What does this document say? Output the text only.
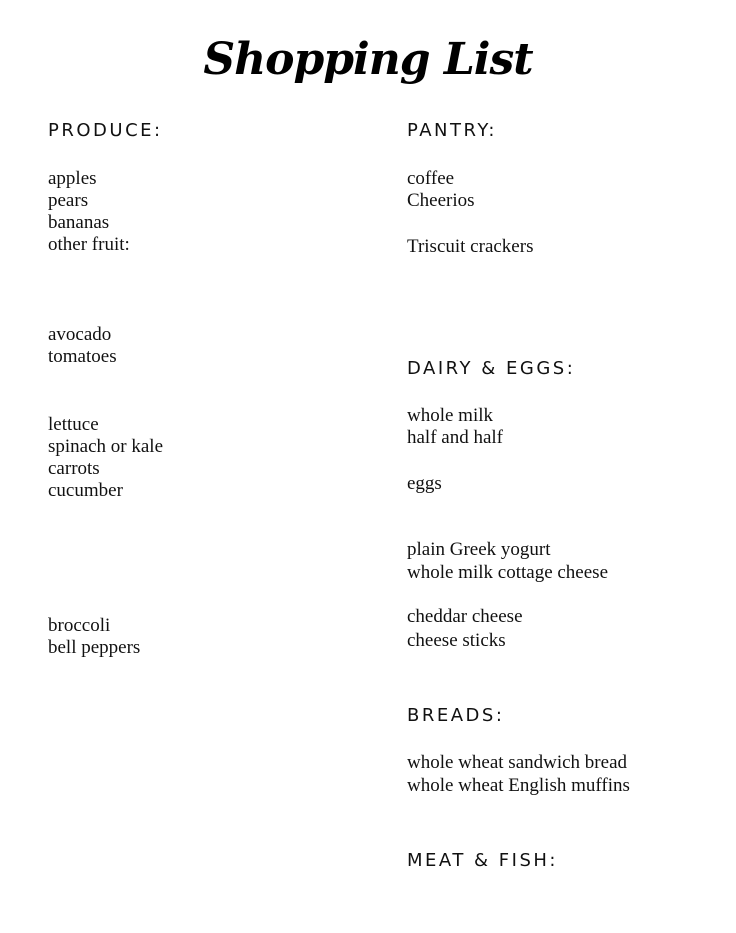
Shopping List
PRODUCE:
apples
pears
bananas
other fruit:
avocado
tomatoes
lettuce
spinach or kale
carrots
cucumber
broccoli
bell peppers
PANTRY:
coffee
Cheerios
Triscuit crackers
DAIRY & EGGS:
whole milk
half and half
eggs
plain Greek yogurt
whole milk cottage cheese
cheddar cheese
cheese sticks
BREADS:
whole wheat sandwich bread
whole wheat English muffins
MEAT & FISH:
